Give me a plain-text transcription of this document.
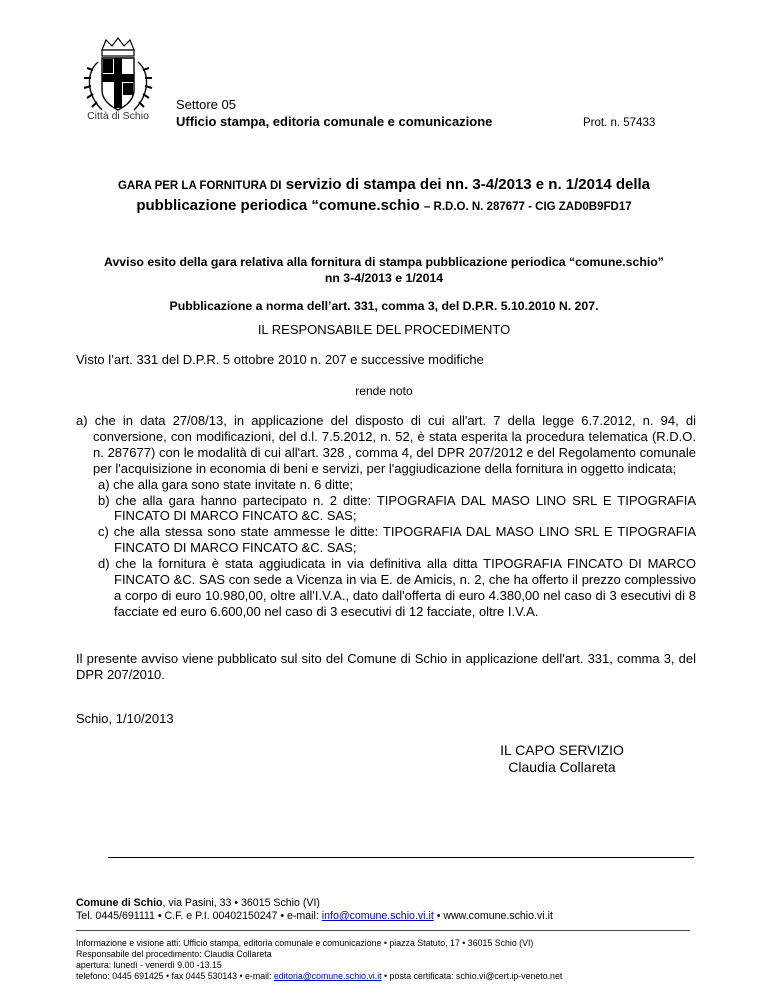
Città di Schio
Settore 05
Ufficio stampa, editoria comunale e comunicazione	Prot. n. 57433
GARA PER LA FORNITURA DI servizio di stampa dei nn. 3-4/2013 e n. 1/2014 della
pubblicazione periodica “comune.schio – R.D.O. N. 287677 - CIG ZAD0B9FD17
Avviso esito della gara relativa alla fornitura di stampa pubblicazione periodica “comune.schio”
nn 3-4/2013 e 1/2014
Pubblicazione a norma dell’art. 331, comma 3, del D.P.R. 5.10.2010 N. 207.
IL RESPONSABILE DEL PROCEDIMENTO
Visto l’art. 331 del D.P.R. 5 ottobre 2010 n. 207 e successive modifiche
rende noto
a) che in data 27/08/13, in applicazione del disposto di cui all'art. 7 della legge 6.7.2012, n. 94, di conversione, con modificazioni, del d.l. 7.5.2012, n. 52, è stata esperita la procedura telematica (R.D.O. n. 287677) con le modalità di cui all'art. 328 , comma 4, del DPR 207/2012 e del Regolamento comunale per l'acquisizione in economia di beni e servizi, per l'aggiudicazione della fornitura in oggetto indicata;
a) che alla gara sono state invitate n. 6 ditte;
b) che alla gara hanno partecipato n. 2 ditte: TIPOGRAFIA DAL MASO LINO SRL E TIPOGRAFIA FINCATO DI MARCO FINCATO &C. SAS;
c) che alla stessa sono state ammesse le ditte: TIPOGRAFIA DAL MASO LINO SRL E TIPOGRAFIA FINCATO DI MARCO FINCATO &C. SAS;
d) che la fornitura è stata aggiudicata in via definitiva alla ditta TIPOGRAFIA FINCATO DI MARCO FINCATO &C. SAS con sede a Vicenza in via E. de Amicis, n. 2, che ha offerto il prezzo complessivo a corpo di euro 10.980,00, oltre all'I.V.A., dato dall'offerta di euro 4.380,00 nel caso di 3 esecutivi di 8 facciate ed euro 6.600,00 nel caso di 3 esecutivi di 12 facciate, oltre I.V.A.
Il presente avviso viene pubblicato sul sito del Comune di Schio in applicazione dell'art. 331, comma 3, del DPR 207/2010.
Schio, 1/10/2013
IL CAPO SERVIZIO
Claudia Collareta
Comune di Schio, via Pasini, 33 • 36015 Schio (VI)
Tel. 0445/691111 • C.F. e P.I. 00402150247 • e-mail: info@comune.schio.vi.it • www.comune.schio.vi.it
Informazione e visione atti: Ufficio stampa, editoria comunale e comunicazione • piazza Statuto, 17 • 36015 Schio (VI)
Responsabile del procedimento: Claudia Collareta
apertura: lunedì - venerdì 9.00 -13.15
telefono: 0445 691425 • fax 0445 530143 • e-mail: editoria@comune.schio.vi.it • posta certificata: schio.vi@cert.ip-veneto.net
